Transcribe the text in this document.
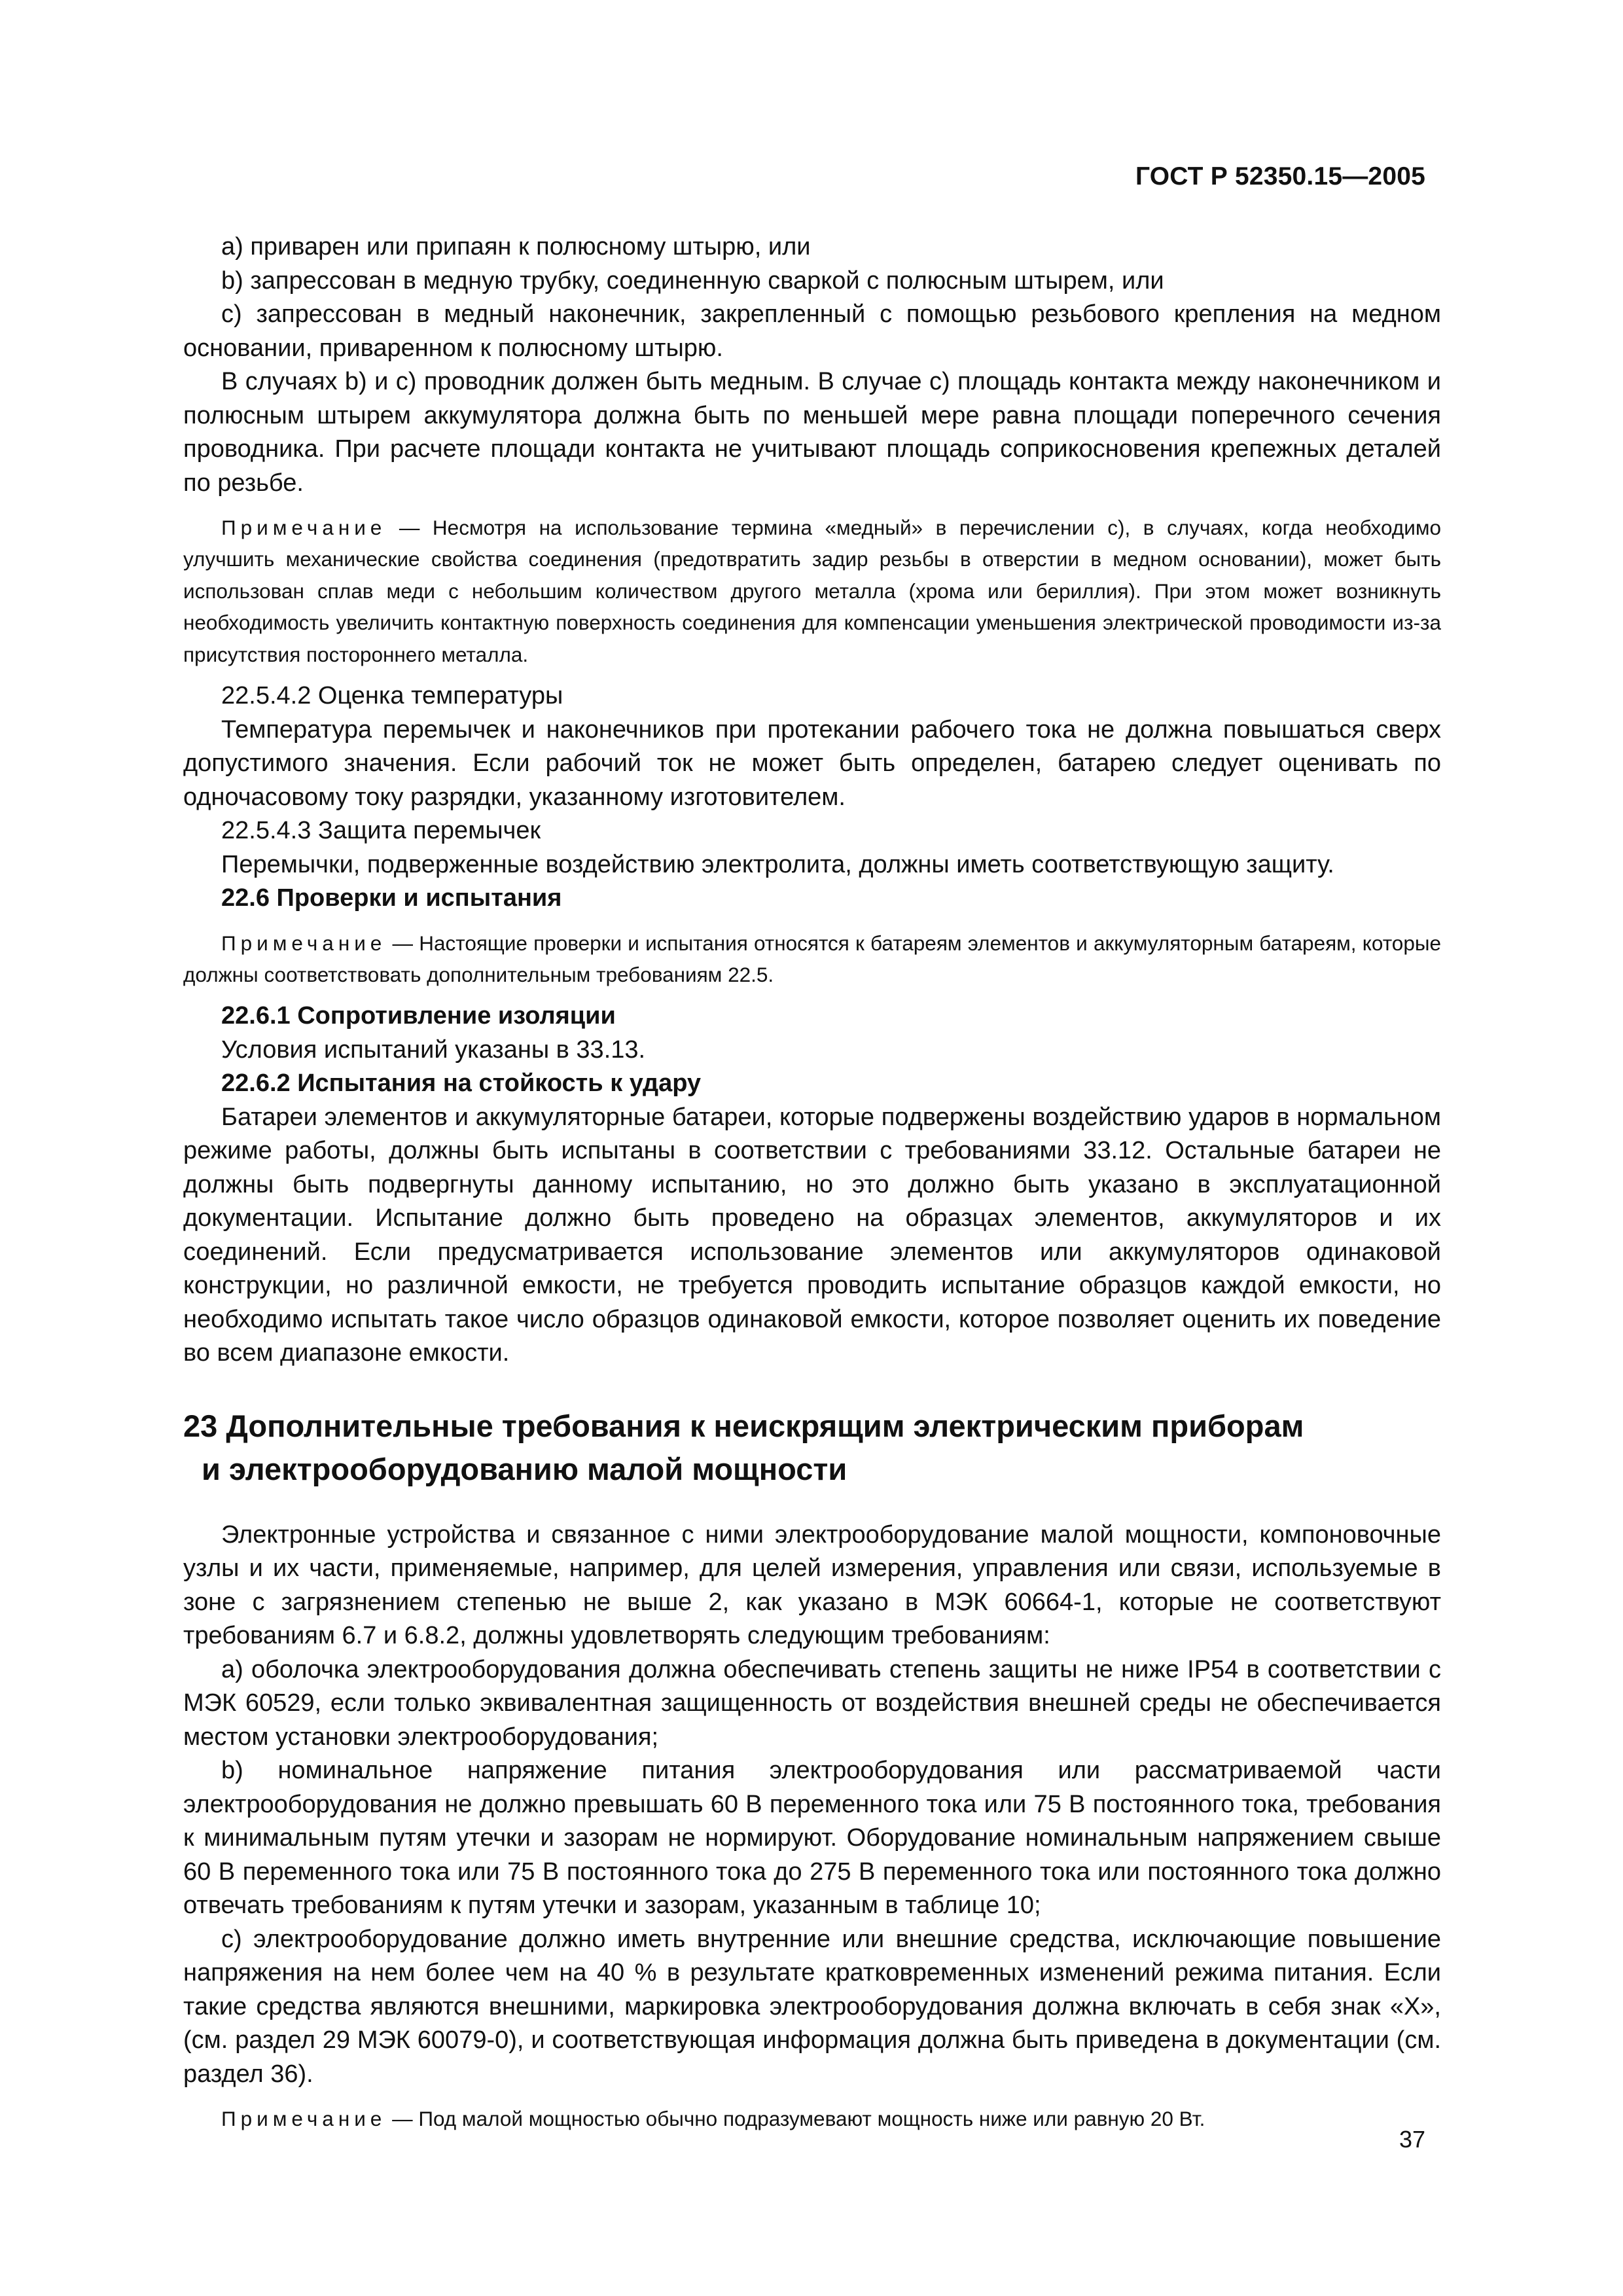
ГОСТ Р 52350.15—2005

а) приварен или припаян к полюсному штырю, или

b) запрессован в медную трубку, соединенную сваркой с полюсным штырем, или

с) запрессован в медный наконечник, закрепленный с помощью резьбового крепления на медном основании, приваренном к полюсному штырю.

В случаях b) и с) проводник должен быть медным. В случае с) площадь контакта между наконечником и полюсным штырем аккумулятора должна быть по меньшей мере равна площади поперечного сечения проводника. При расчете площади контакта не учитывают площадь соприкосновения крепежных деталей по резьбе.

Примечание — Несмотря на использование термина «медный» в перечислении с), в случаях, когда необходимо улучшить механические свойства соединения (предотвратить задир резьбы в отверстии в медном основании), может быть использован сплав меди с небольшим количеством другого металла (хрома или бериллия). При этом может возникнуть необходимость увеличить контактную поверхность соединения для компенсации уменьшения электрической проводимости из-за присутствия постороннего металла.

22.5.4.2 Оценка температуры

Температура перемычек и наконечников при протекании рабочего тока не должна повышаться сверх допустимого значения. Если рабочий ток не может быть определен, батарею следует оценивать по одночасовому току разрядки, указанному изготовителем.

22.5.4.3 Защита перемычек

Перемычки, подверженные воздействию электролита, должны иметь соответствующую защиту.

22.6 Проверки и испытания

Примечание — Настоящие проверки и испытания относятся к батареям элементов и аккумуляторным батареям, которые должны соответствовать дополнительным требованиям 22.5.

22.6.1 Сопротивление изоляции

Условия испытаний указаны в 33.13.

22.6.2 Испытания на стойкость к удару

Батареи элементов и аккумуляторные батареи, которые подвержены воздействию ударов в нормальном режиме работы, должны быть испытаны в соответствии с требованиями 33.12. Остальные батареи не должны быть подвергнуты данному испытанию, но это должно быть указано в эксплуатационной документации. Испытание должно быть проведено на образцах элементов, аккумуляторов и их соединений. Если предусматривается использование элементов или аккумуляторов одинаковой конструкции, но различной емкости, не требуется проводить испытание образцов каждой емкости, но необходимо испытать такое число образцов одинаковой емкости, которое позволяет оценить их поведение во всем диапазоне емкости.

23 Дополнительные требования к неискрящим электрическим приборам
и электрооборудованию малой мощности

Электронные устройства и связанное с ними электрооборудование малой мощности, компоновочные узлы и их части, применяемые, например, для целей измерения, управления или связи, используемые в зоне с загрязнением степенью не выше 2, как указано в МЭК 60664-1, которые не соответствуют требованиям 6.7 и 6.8.2, должны удовлетворять следующим требованиям:

а) оболочка электрооборудования должна обеспечивать степень защиты не ниже IP54 в соответствии с МЭК 60529, если только эквивалентная защищенность от воздействия внешней среды не обеспечивается местом установки электрооборудования;

b) номинальное напряжение питания электрооборудования или рассматриваемой части электрооборудования не должно превышать 60 В переменного тока или 75 В постоянного тока, требования к минимальным путям утечки и зазорам не нормируют. Оборудование номинальным напряжением свыше 60 В переменного тока или 75 В постоянного тока до 275 В переменного тока или постоянного тока должно отвечать требованиям к путям утечки и зазорам, указанным в таблице 10;

с) электрооборудование должно иметь внутренние или внешние средства, исключающие повышение напряжения на нем более чем на 40 % в результате кратковременных изменений режима питания. Если такие средства являются внешними, маркировка электрооборудования должна включать в себя знак «Х», (см. раздел 29 МЭК 60079-0), и соответствующая информация должна быть приведена в документации (см. раздел 36).

Примечание — Под малой мощностью обычно подразумевают мощность ниже или равную 20 Вт.

37
